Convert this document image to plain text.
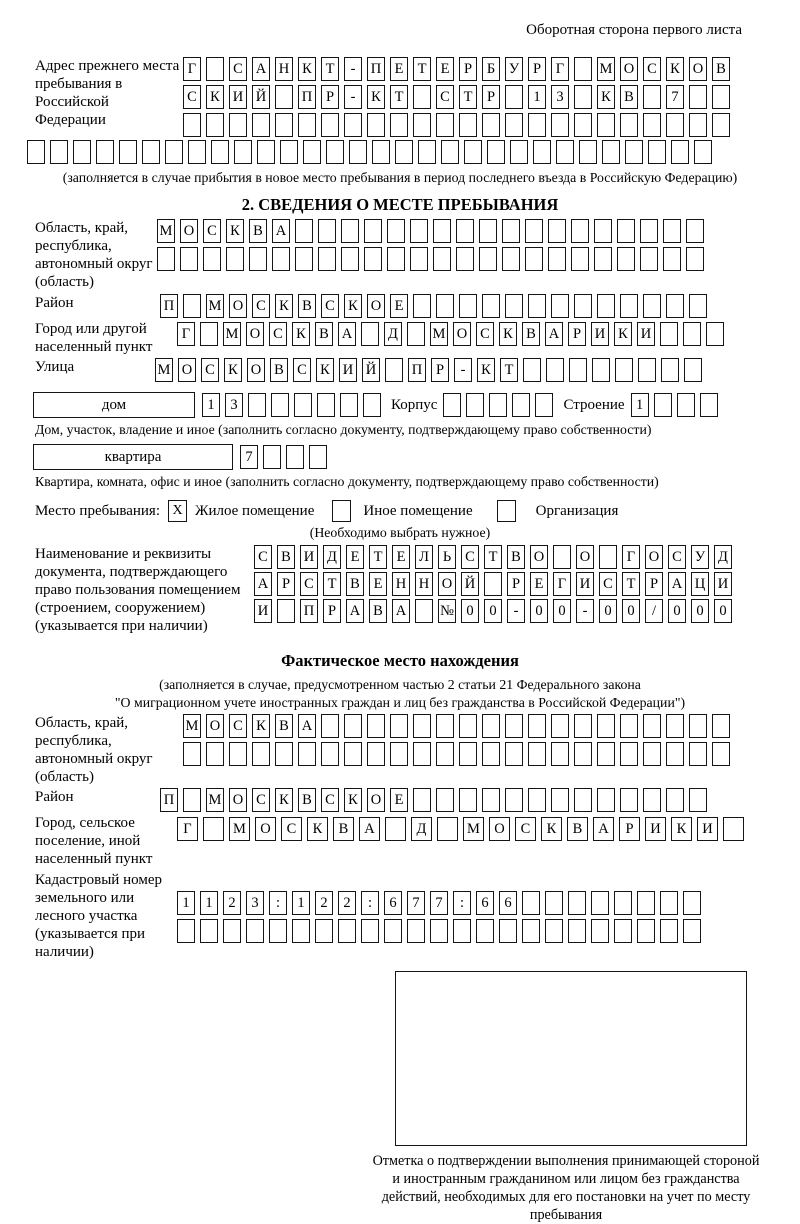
Оборотная сторона первого листа
Адрес прежнего места пребывания в Российской Федерации
Г	С А Н К Т	-	П Е Т Е	Р	Б У Р	Г	М О С К О В
С К И Й П Р	-	К Т	С Т	Р	1	3	К В	7
(заполняется в случае прибытия в новое место пребывания в период последнего въезда в Российскую Федерацию)
2. СВЕДЕНИЯ О МЕСТЕ ПРЕБЫВАНИЯ
Область, край, республика, автономный округ (область)
М О С К В А
Район	П М О С К В С К О Е
Город или другой населенный пункт
Г	М О С К В А Д М О С К В А Р И К И
Улица	М О С К О В С К И Й П Р	-	К Т
дом	1	3	Корпус	Строение 1
Дом, участок, владение и иное (заполнить согласно документу, подтверждающему право собственности)
квартира	7
Квартира, комната, офис и иное (заполнить согласно документу, подтверждающему право собственности)
Место пребывания: X Жилое помещение	Иное помещение	Организация
(Необходимо выбрать нужное)
Наименование и реквизиты документа, подтверждающего право пользования помещением (строением, сооружением) (указывается при наличии)
С В И Д Е Т Е Л Ь С Т В О О	Г О С У Д
А Р С Т В Е Н Н О Й	Р	Е Г И С Т	Р А Ц И
И П Р А В А № 0	0	-	0	0	-	0	0	/	0	0	0
Фактическое место нахождения
(заполняется в случае, предусмотренном частью 2 статьи 21 Федерального закона
"О миграционном учете иностранных граждан и лиц без гражданства в Российской Федерации")
Область, край, республика, автономный округ (область)
М О С К В А
Район	П М О С К В С К О Е
Город, сельское поселение, иной населенный пункт
Г	М О	С	К	В	А	Д	М О	С	К	В	А	Р	И	К	И
Кадастровый номер земельного или лесного участка (указывается при наличии)
1	1	2	3	:	1	2	2	:	6	7	7	:	6	6
Отметка о подтверждении выполнения принимающей стороной и иностранным гражданином или лицом без гражданства действий, необходимых для его постановки на учет по месту пребывания
